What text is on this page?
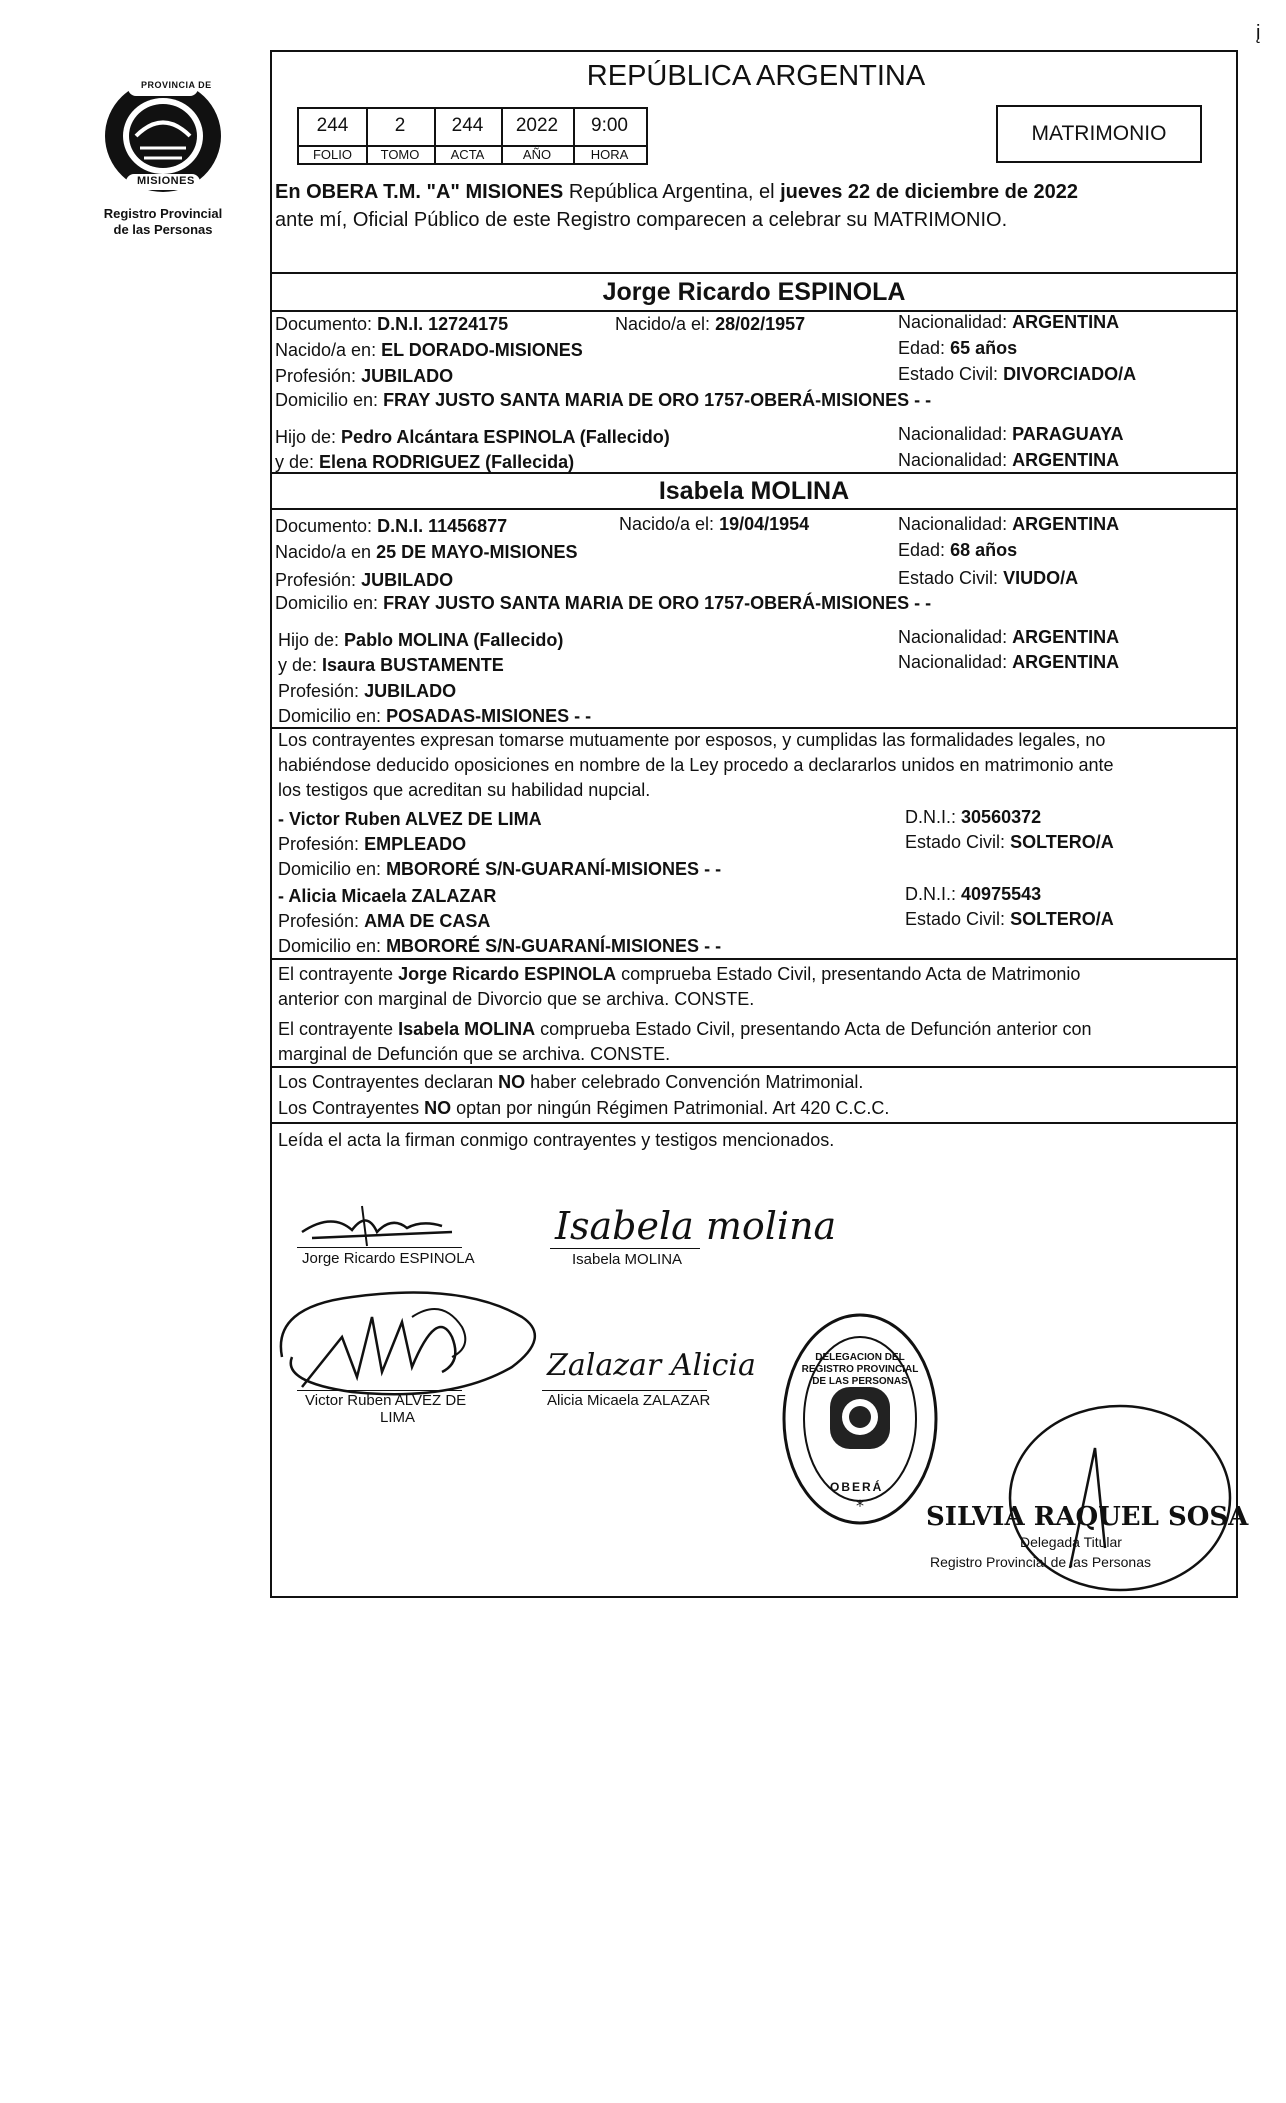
į
PROVINCIA DE
MISIONES
Registro Provincial
de las Personas
REPÚBLICA ARGENTINA
244	2	244	2022	9:00
FOLIO	TOMO	ACTA	AÑO	HORA
MATRIMONIO
En OBERA T.M. "A" MISIONES República Argentina, el jueves 22 de diciembre de 2022
ante mí, Oficial Público de este Registro comparecen a celebrar su MATRIMONIO.
Jorge Ricardo ESPINOLA
Documento: D.N.I. 12724175	Nacido/a el: 28/02/1957	Nacionalidad: ARGENTINA
Nacido/a en: EL DORADO-MISIONES	Edad: 65 años
Profesión: JUBILADO	Estado Civil: DIVORCIADO/A
Domicilio en: FRAY JUSTO SANTA MARIA DE ORO 1757-OBERÁ-MISIONES - -
Hijo de: Pedro Alcántara ESPINOLA (Fallecido)	Nacionalidad: PARAGUAYA
y de: Elena RODRIGUEZ (Fallecida)	Nacionalidad: ARGENTINA
Isabela MOLINA
Documento: D.N.I. 11456877	Nacido/a el: 19/04/1954	Nacionalidad: ARGENTINA
Nacido/a en 25 DE MAYO-MISIONES	Edad: 68 años
Profesión: JUBILADO	Estado Civil: VIUDO/A
Domicilio en: FRAY JUSTO SANTA MARIA DE ORO 1757-OBERÁ-MISIONES - -
Hijo de: Pablo MOLINA (Fallecido)	Nacionalidad: ARGENTINA
y de: Isaura BUSTAMENTE	Nacionalidad: ARGENTINA
Profesión: JUBILADO
Domicilio en: POSADAS-MISIONES - -
Los contrayentes expresan tomarse mutuamente por esposos, y cumplidas las formalidades legales, no
habiéndose deducido oposiciones en nombre de la Ley procedo a declararlos unidos en matrimonio ante
los testigos que acreditan su habilidad nupcial.
- Victor Ruben ALVEZ DE LIMA	D.N.I.: 30560372
Profesión: EMPLEADO	Estado Civil: SOLTERO/A
Domicilio en: MBORORÉ S/N-GUARANÍ-MISIONES - -
- Alicia Micaela ZALAZAR	D.N.I.: 40975543
Profesión: AMA DE CASA	Estado Civil: SOLTERO/A
Domicilio en: MBORORÉ S/N-GUARANÍ-MISIONES - -
El contrayente Jorge Ricardo ESPINOLA comprueba Estado Civil, presentando Acta de Matrimonio
anterior con marginal de Divorcio que se archiva. CONSTE.
El contrayente Isabela MOLINA comprueba Estado Civil, presentando Acta de Defunción anterior con
marginal de Defunción que se archiva. CONSTE.
Los Contrayentes declaran NO haber celebrado Convención Matrimonial.
Los Contrayentes NO optan por ningún Régimen Patrimonial. Art 420 C.C.C.
Leída el acta la firman conmigo contrayentes y testigos mencionados.
Jorge Ricardo ESPINOLA
Isabela molina
Isabela MOLINA
Victor Ruben ALVEZ DE
LIMA
Zalazar Alicia
Alicia Micaela ZALAZAR
*
DELEGACION DEL REGISTRO PROVINCIAL DE LAS PERSONAS
OBERÁ
SILVIA RAQUEL SOSA
Delegada Titular
Registro Provincial de las Personas
